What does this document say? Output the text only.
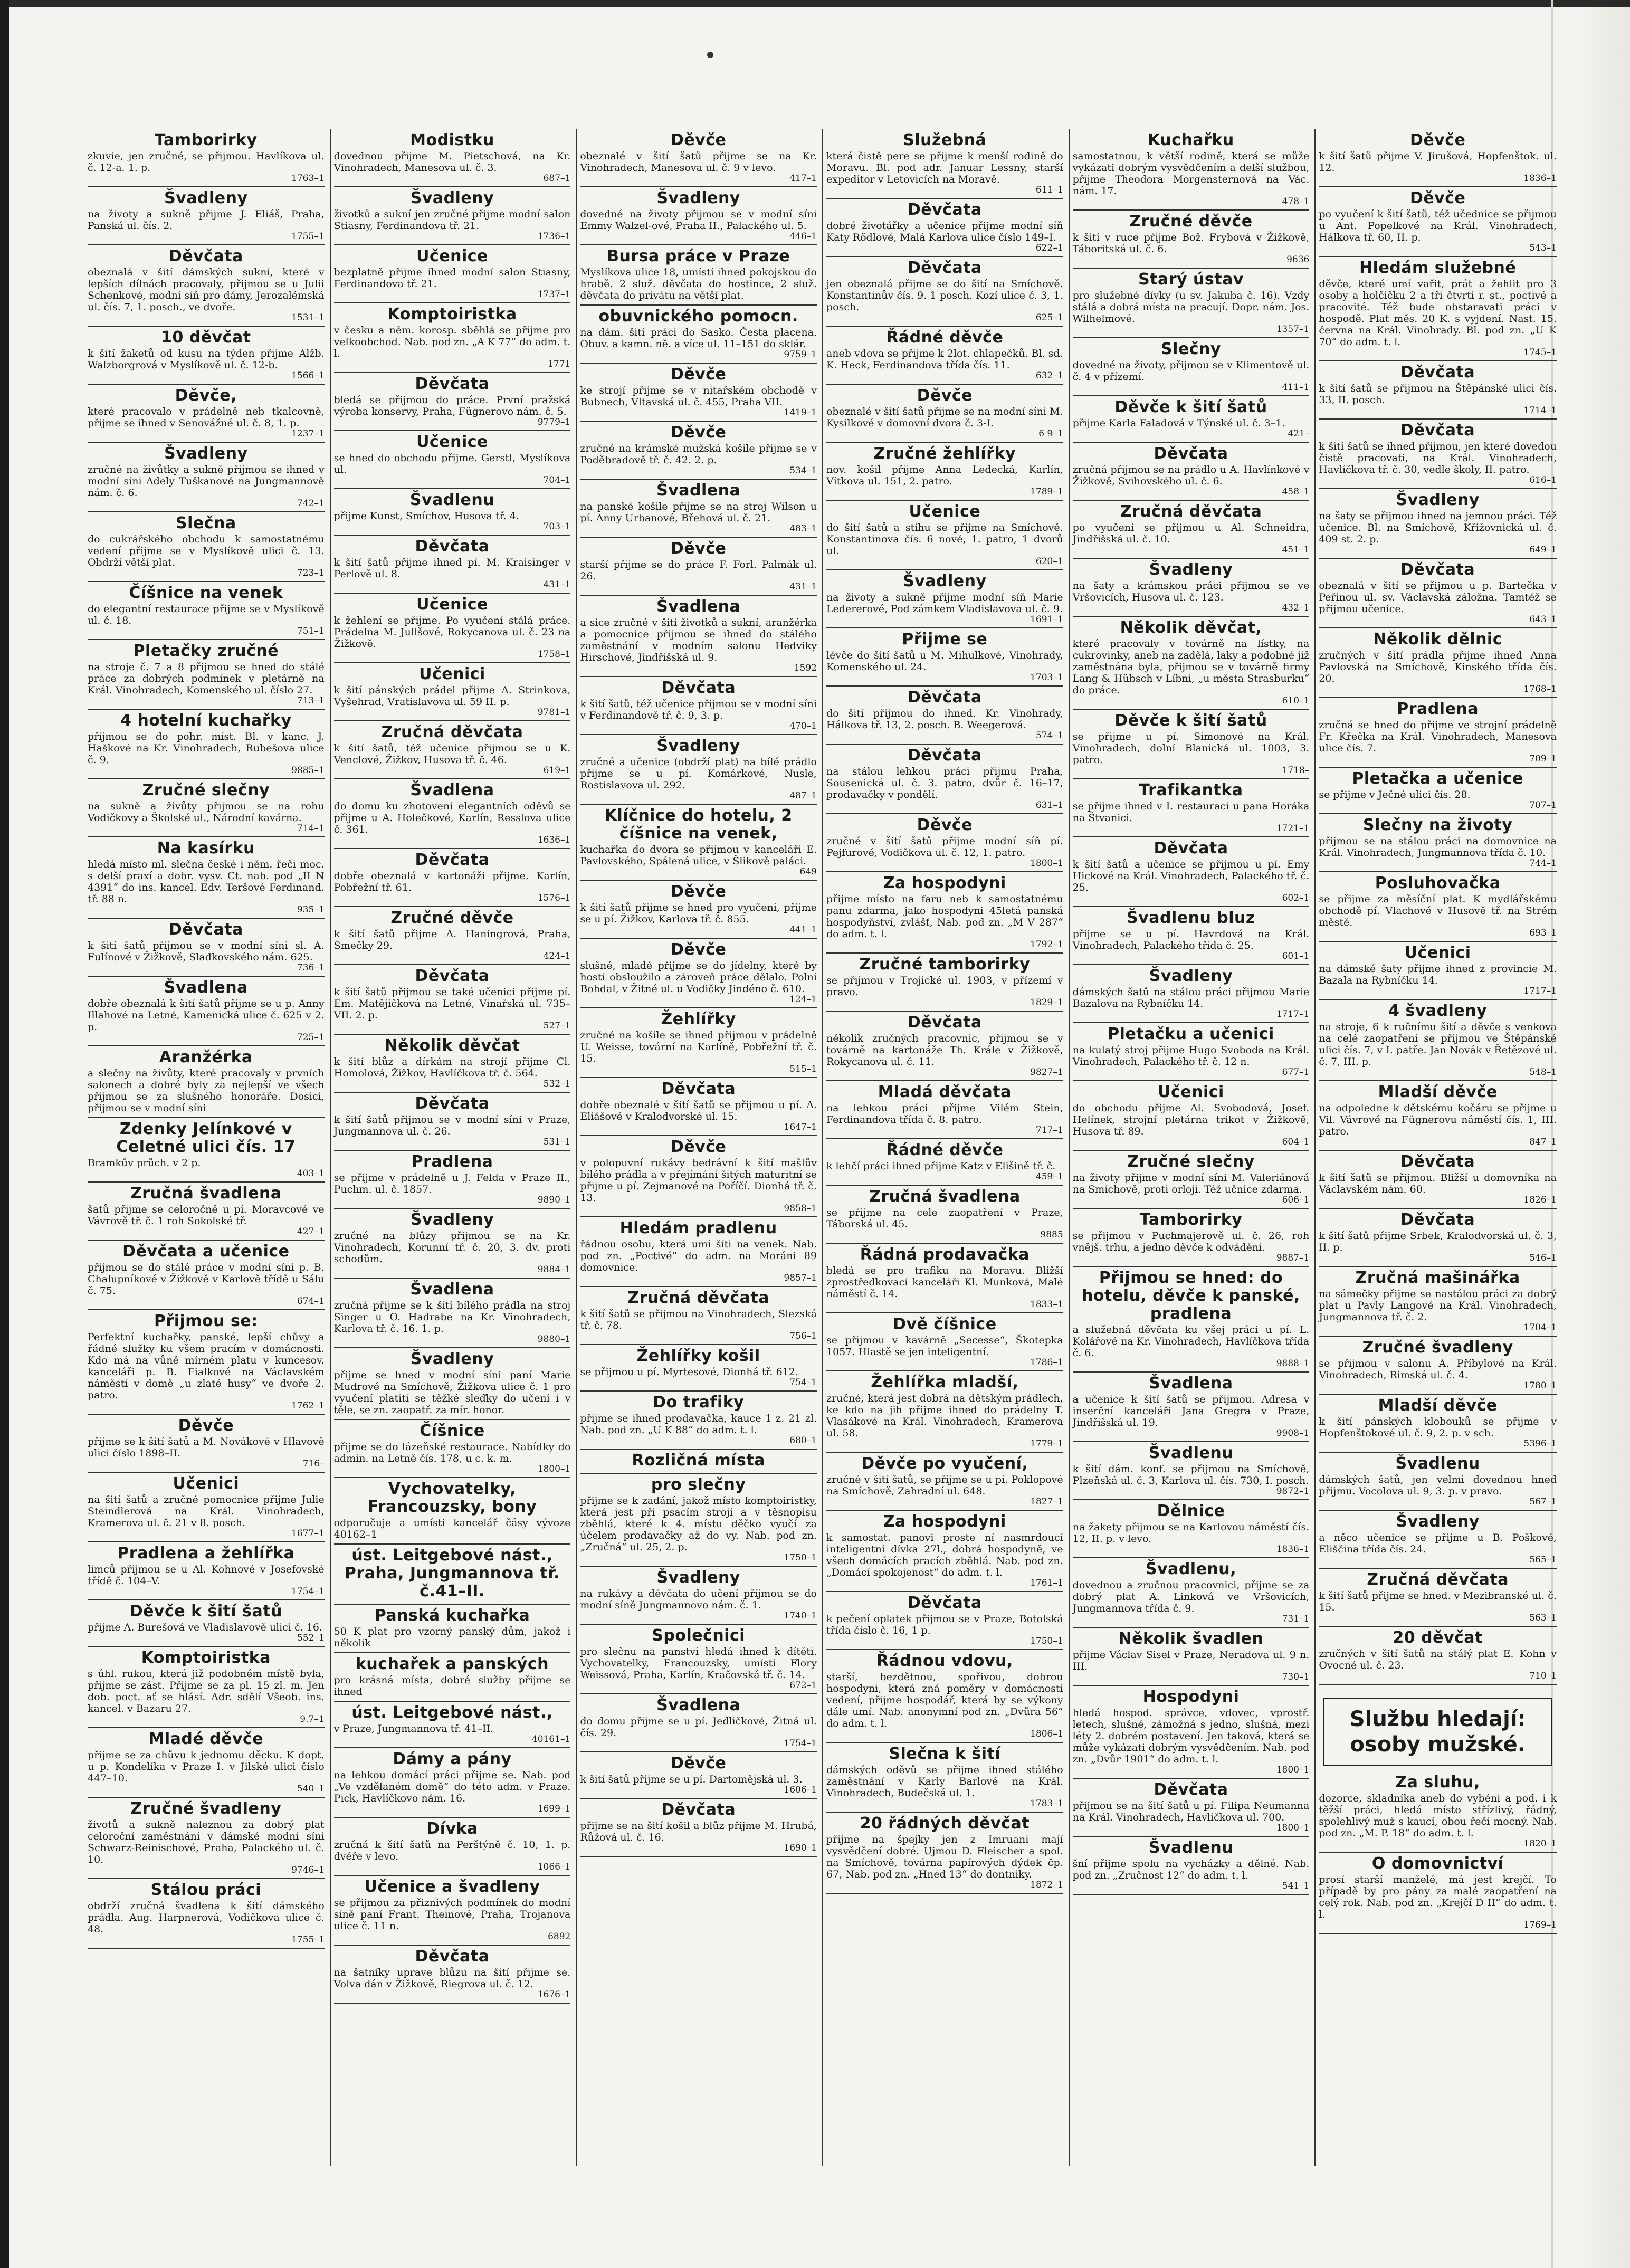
Tamborirky

zkuvie, jen zručné, se přijmou. Havlíkova ul. č. 12-a. 1. p.

1763–1

Švadleny

na životy a sukně přijme J. Eliáš, Praha, Panská ul. čís. 2.

1755–1

Děvčata

obeznalá v šití dámských sukní, které v lepších dílnách pracovaly, přijmou se u Julii Schenkové, modní síň pro dámy, Jerozalémská ul. čís. 7, 1. posch., ve dvoře.

1531–1

10 děvčat

k šití žaketů od kusu na týden přijme Alžb. Walzborgrová v Myslíkově ul. č. 12-b.

1566–1

Děvče,

které pracovalo v prádelně neb tkalcovně, přijme se ihned v Senovážné ul. č. 8, 1. p.

1237–1

Švadleny

zručné na živůtky a sukně přijmou se ihned v modní síni Adely Tuškanové na Jungmannově nám. č. 6.

742–1

Slečna

do cukrářského obchodu k samostatnému vedení přijme se v Myslíkově ulici č. 13. Obdrží větší plat.

723–1

Číšnice na venek

do elegantní restaurace přijme se v Myslíkově ul. č. 18.

751–1

Pletačky zručné

na stroje č. 7 a 8 přijmou se hned do stálé práce za dobrých podmínek v pletárně na Král. Vinohradech, Komenského ul. číslo 27.

713–1

4 hotelní kuchařky

přijmou se do pohr. míst. Bl. v kanc. J. Haškové na Kr. Vinohradech, Rubešova ulice č. 9.

9885–1

Zručné slečny

na sukně a živůty přijmou se na rohu Vodičkovy a Školské ul., Národní kavárna.

714–1

Na kasírku

hledá místo ml. slečna české i něm. řeči moc. s delší praxí a dobr. vysv. Ct. nab. pod „II N 4391“ do ins. kancel. Edv. Teršové Ferdinand. tř. 88 n.

935–1

Děvčata

k šití šatů přijmou se v modní síni sl. A. Fulínové v Žižkově, Sladkovského nám. 625.

736–1

Švadlena

dobře obeznalá k šití šatů přijme se u p. Anny Illahové na Letné, Kamenická ulice č. 625 v 2. p.

725–1

Aranžérka

a slečny na živůty, které pracovaly v prvních salonech a dobré byly za nejlepší ve všech přijmou se za slušného honoráře. Dosici, přijmou se v modní síni

Zdenky Jelínkové v Celetné ulici čís. 17

Bramkův průch. v 2 p.

403–1

Zručná švadlena

šatů přijme se celoročně u pí. Moravcové ve Vávrově tř. č. 1 roh Sokolské tř.

427–1

Děvčata a učenice

přijmou se do stálé práce v modní síni p. B. Chalupníkové v Žižkově v Karlově třídě u Sálu č. 75.

674–1

Přijmou se:

Perfektní kuchařky, panské, lepší chůvy a řádné služky ku všem pracím v domácnosti. Kdo má na vůně mírném platu v kuncesov. kanceláři p. B. Fialkové na Václavském náměstí v domě „u zlaté husy“ ve dvoře 2. patro.

1762–1

Děvče

přijme se k šití šatů a M. Novákové v Hlavově ulici číslo 1898–II.

716–

Učenici

na šití šatů a zručné pomocnice přijme Julie Steindlerová na Král. Vinohradech, Kramerova ul. č. 21 v 8. posch.

1677–1

Pradlena a žehlířka

limců přijmou se u Al. Kohnové v Josefovské třídě č. 104–V.

1754–1

Děvče k šití šatů

přijme A. Burešová ve Vladislavově ulici č. 16.

552–1

Komptoiristka

s úhl. rukou, která již podobném místě byla, přijme se zást. Přijme se za pl. 15 zl. m. Jen dob. poct. ať se hlásí. Adr. sdělí Všeob. ins. kancel. v Bazaru 27.

9.7–1

Mladé děvče

přijme se za chůvu k jednomu děcku. K dopt. u p. Kondelíka v Praze I. v Jilské ulici číslo 447–10.

540–1

Zručné švadleny

životů a sukně naleznou za dobrý plat celoroční zaměstnání v dámské modní síni Schwarz-Reinischové, Praha, Palackého ul. č. 10.

9746–1

Stálou práci

obdrží zručná švadlena k šití dámského prádla. Aug. Harpnerová, Vodičkova ulice č. 48.

1755–1

Modistku

dovednou přijme M. Pietschová, na Kr. Vinohradech, Manesova ul. č. 3.

687–1

Švadleny

životků a sukní jen zručné přijme modní salon Stiasny, Ferdinandova tř. 21.

1736–1

Učenice

bezplatně přijme ihned modní salon Stiasny, Ferdinandova tř. 21.

1737–1

Komptoiristka

v česku a něm. korosp. sběhlá se přijme pro velkoobchod. Nab. pod zn. „A K 77“ do adm. t. l.

1771

Děvčata

bledá se přijmou do práce. První pražská výroba konservy, Praha, Fügnerovo nám. č. 5.

9779–1

Učenice

se hned do obchodu přijme. Gerstl, Myslíkova ul.

704–1

Švadlenu

přijme Kunst, Smíchov, Husova tř. 4.

703–1

Děvčata

k šití šatů přijme ihned pí. M. Kraisinger v Perlově ul. 8.

431–1

Učenice

k žehlení se přijme. Po vyučení stálá práce. Prádelna M. Jullšové, Rokycanova ul. č. 23 na Žižkově.

1758–1

Učenici

k šití pánských prádel přijme A. Strinkova, Vyšehrad, Vratislavova ul. 59 II. p.

9781–1

Zručná děvčata

k šití šatů, též učenice přijmou se u K. Venclové, Žižkov, Husova tř. č. 46.

619–1

Švadlena

do domu ku zhotovení elegantních oděvů se přijme u A. Holečkové, Karlín, Resslova ulice č. 361.

1636–1

Děvčata

dobře obeznalá v kartonáži přijme. Karlín, Pobřežní tř. 61.

1576–1

Zručné děvče

k šití šatů přijme A. Haningrová, Praha, Smečky 29.

424–1

Děvčata

k šití šatů přijmou se také učenici přijme pí. Em. Matějíčková na Letné, Vinařská ul. 735–VII. 2. p.

527–1

Několik děvčat

k šití blůz a dírkám na strojí přijme Cl. Homolová, Žižkov, Havlíčkova tř. č. 564.

532–1

Děvčata

k šití šatů přijmou se v modní síni v Praze, Jungmannova ul. č. 26.

531–1

Pradlena

se přijme v prádelně u J. Felda v Praze II., Puchm. ul. č. 1857.

9890–1

Švadleny

zručné na blůzy přijmou se na Kr. Vinohradech, Korunní tř. č. 20, 3. dv. proti schodům.

9884–1

Švadlena

zručná přijme se k šití bílého prádla na stroj Singer u O. Hadrabe na Kr. Vinohradech, Karlova tř. č. 16. 1. p.

9880–1

Švadleny

přijme se hned v modní síni paní Marie Mudrové na Smíchově, Žižkova ulice č. 1 pro vyučení platiti se těžké sleďky do učení i v těle, se zn. zaopatř. za mír. honor.

Číšnice

přijme se do lázeňské restaurace. Nabídky do admin. na Letně čís. 178, u c. k. m.

1800–1

Vychovatelky, Francouzsky, bony

odporučuje a umísti kancelář čásy vývoze 40162–1

úst. Leitgebové nást., Praha, Jungmannova tř. č.41–II.
Panská kuchařka

50 K plat pro vzorný panský dům, jakož i několik

kuchařek a panských

pro krásná místa, dobré služby přijme se ihned

úst. Leitgebové nást.,

v Praze, Jungmannova tř. 41–II.

40161–1

Dámy a pány

na lehkou domácí práci přijme se. Nab. pod „Ve vzdělaném domě“ do této adm. v Praze. Pick, Havlíčkovo nám. 16.

1699–1

Dívka

zručná k šití šatů na Perštýně č. 10, 1. p. dvéře v levo.

1066–1

Učenice a švadleny

se přijmou za přiznivých podmínek do modní síně paní Frant. Theinové, Praha, Trojanova ulice č. 11 n.

6892

Děvčata

na šatníky uprave blůzu na šití přijme se. Volva dán v Žižkově, Riegrova ul. č. 12.

1676–1

Děvče

obeznalé v šití šatů přijme se na Kr. Vinohradech, Manesova ul. č. 9 v levo.

417–1

Švadleny

dovedné na životy přijmou se v modní síni Emmy Walzel-ové, Praha II., Palackého ul. 5.

446–1

Bursa práce v Praze

Myslíkova ulice 18, umístí ihned pokojskou do hrabě. 2 služ. děvčata do hostince, 2 služ. děvčata do privátu na větší plat.

obuvnického pomocn.

na dám. šití práci do Sasko. Česta placena. Obuv. a kamn. ně. a více ul. 11–151 do sklár.

9759–1

Děvče

ke strojí přijme se v nitařském obchodě v Bubnech, Vltavská ul. č. 455, Praha VII.

1419–1

Děvče

zručné na krámské mužská košile přijme se v Poděbradově tř. č. 42. 2. p.

534–1

Švadlena

na panské košile přijme se na stroj Wilson u pí. Anny Urbanové, Břehová ul. č. 21.

483–1

Děvče

starší přijme se do práce F. Forl. Palmák ul. 26.

431–1

Švadlena

a sice zručné v šití životků a sukní, aranžérka a pomocnice přijmou se ihned do stálého zaměstnání v modním salonu Hedviky Hirschové, Jindřišská ul. 9.

1592

Děvčata

k šití šatů, též učenice přijmou se v modní síni v Ferdinandově tř. č. 9, 3. p.

470–1

Švadleny

zručné a učenice (obdrží plat) na bílé prádlo přijme se u pí. Komárkové, Nusle, Rostislavova ul. 292.

487–1

Klíčnice do hotelu, 2 číšnice na venek,

kuchařka do dvora se přijmou v kanceláři E. Pavlovského, Spálená ulice, v Šlikově paláci.

649

Děvče

k šití šatů přijme se hned pro vyučení, přijme se u pí. Žižkov, Karlova tř. č. 855.

441–1

Děvče

slušné, mladé přijme se do jídelny, které by hostí obsloužilo a zároveň práce dělalo. Polní Bohdal, v Žitné ul. u Vodičky Jindéno č. 610.

124–1

Žehlířky

zručné na košile se ihned přijmou v prádelně U. Weisse, tovární na Karlíně, Pobřežní tř. č. 15.

515–1

Děvčata

dobře obeznalé v šití šatů se přijmou u pí. A. Eliášové v Kralodvorské ul. 15.

1647–1

Děvče

v polopuvní rukávy bedrávní k šití mašlův bílého prádla a v přejímání šitých maturitní se přijme u pí. Zejmanové na Poříčí. Dionhá tř. č. 13.

9858–1

Hledám pradlenu

řádnou osobu, která umí šíti na venek. Nab. pod zn. „Poctivé“ do adm. na Moráni 89 domovnice.

9857–1

Zručná děvčata

k šití šatů se přijmou na Vinohradech, Slezská tř. č. 78.

756–1

Žehlířky košil

se přijmou u pí. Myrtesové, Dionhá tř. 612.

754–1

Do trafiky

přijme se ihned prodavačka, kauce 1 z. 21 zl. Nab. pod zn. „U K 88“ do adm. t. l.

680–1

Rozličná místa
pro slečny

přijme se k zadání, jakož místo komptoiristky, která jest při psacím strojí a v těsnopisu zběhlá, které k 4. místu děčko vyučí za účelem prodavačky až do vy. Nab. pod zn. „Zručná“ ul. 25, 2. p.

1750–1

Švadleny

na rukávy a děvčata do učení přijmou se do modní síně Jungmannovo nám. č. 1.

1740–1

Společnici

pro slečnu na panství hledá ihned k dítěti. Vychovatelky, Francouzsky, umístí Flory Weissová, Praha, Karlín, Kračovská tř. č. 14.

672–1

Švadlena

do domu přijme se u pí. Jedličkové, Žitná ul. čís. 29.

1754–1

Děvče

k šití šatů přijme se u pí. Dartomějská ul. 3.

1606–1

Děvčata

přijme se na šití košil a blůz přijme M. Hrubá, Růžová ul. č. 16.

1690–1

Služebná

která čistě pere se přijme k menší rodině do Moravu. Bl. pod adr. Januar Lessny, starší expeditor v Letovicích na Moravě.

611–1

Děvčata

dobré životářky a učenice přijme modní síň Katy Rödlové, Malá Karlova ulice číslo 149–I.

622–1

Děvčata

jen obeznalá přijme se do šití na Smíchově. Konstantinův čís. 9. 1 posch. Kozí ulice č. 3, 1. posch.

625–1

Řádné děvče

aneb vdova se přijme k 2lot. chlapečků. Bl. sd. K. Heck, Ferdinandova třída čís. 11.

632–1

Děvče

obeznalé v šití šatů přijme se na modní síni M. Kysilkové v domovní dvora č. 3-I.

6 9–1

Zručné žehlířky

nov. košil přijme Anna Ledecká, Karlín, Vítkova ul. 151, 2. patro.

1789–1

Učenice

do šití šatů a stihu se přijme na Smíchově. Konstantinova čís. 6 nové, 1. patro, 1 dvorů ul.

620–1

Švadleny

na životy a sukně přijme modní síň Marie Ledererové, Pod zámkem Vladislavova ul. č. 9.

1691–1

Přijme se

lévče do šití šatů u M. Mihulkové, Vinohrady, Komenského ul. 24.

1703–1

Děvčata

do šití přijmou do ihned. Kr. Vinohrady, Hálkova tř. 13, 2. posch. B. Weegerová.

574–1

Děvčata

na stálou lehkou práci přijmu Praha, Sousenická ul. č. 3. patro, dvůr č. 16–17, prodavačky v pondělí.

631–1

Děvče

zručné v šití šatů přijme modní síň pí. Pejfurové, Vodičkova ul. č. 12, 1. patro.

1800–1

Za hospodyni

přijme místo na faru neb k samostatnému panu zdarma, jako hospodyni 45letá panská hospodyňství, zvlášť, Nab. pod zn. „M V 287“ do adm. t. l.

1792–1

Zručné tamborirky

se přijmou v Trojické ul. 1903, v přízemí v pravo.

1829–1

Děvčata

několik zručných pracovnic, přijmou se v továrně na kartonáže Th. Krále v Žižkově, Rokycanova ul. č. 11.

9827–1

Mladá děvčata

na lehkou práci přijme Vilém Stein, Ferdinandova třída č. 8. patro.

717–1

Řádné děvče

k lehčí práci ihned přijme Katz v Elišině tř. č.

459–1

Zručná švadlena

se přijme na cele zaopatření v Praze, Táborská ul. 45.

9885

Řádná prodavačka

bledá se pro trafiku na Moravu. Bližší zprostředkovací kanceláři Kl. Munková, Malé náměstí č. 14.

1833–1

Dvě číšnice

se přijmou v kavárně „Secesse“, Škotepka 1057. Hlastě se jen inteligentní.

1786–1

Žehlířka mladší,

zručné, která jest dobrá na dětským prádlech, ke kdo na jih přijme ihned do prádelny T. Vlasákové na Král. Vinohradech, Kramerova ul. 58.

1779–1

Děvče po vyučení,

zručné v šití šatů, se přijme se u pí. Poklopové na Smíchově, Zahradní ul. 648.

1827–1

Za hospodyni

k samostat. panovi proste ní nasmrdoucí inteligentní dívka 27l., dobrá hospodyně, ve všech domácích pracích zběhlá. Nab. pod zn. „Domácí spokojenost“ do adm. t. l.

1761–1

Děvčata

k pečení oplatek přijmou se v Praze, Botolská třída číslo č. 16, 1 p.

1750–1

Řádnou vdovu,

starší, bezdětnou, spořivou, dobrou hospodyni, která zná poměry v domácnosti vedení, přijme hospodář, která by se výkony dále umí. Nab. anonymní pod zn. „Dvůra 56“ do adm. t. l.

1806–1

Slečna k šití

dámských oděvů se přijme ihned stálého zaměstnání v Karly Barlové na Král. Vinohradech, Budečská ul. 1.

1783–1

20 řádných děvčat

přijme na špejky jen z Imruani mají vysvědčení dobré. Ujmou D. Fleischer a spol. na Smíchově, továrna papírových dýdek čp. 67, Nab. pod zn. „Hned 13“ do dontniky.

1872–1

Kuchařku

samostatnou, k větší rodině, která se může vykázati dobrým vysvědčením a delší službou, přijme Theodora Morgensternová na Vác. nám. 17.

478–1

Zručné děvče

k šití v ruce přijme Bož. Frybová v Žižkově, Táboritská ul. č. 6.

9636

Starý ústav

pro služebné dívky (u sv. Jakuba č. 16). Vzdy stálá a dobrá místa na pracují. Dopr. nám. Jos. Wilhelmové.

1357–1

Slečny

dovedné na životy, přijmou se v Klimentově ul. č. 4 v přízemí.

411–1

Děvče k šití šatů

přijme Karla Faladová v Týnské ul. č. 3–1.

421–

Děvčata

zručná přijmou se na prádlo u A. Havlínkové v Žižkově, Svihovského ul. č. 6.

458–1

Zručná děvčata

po vyučení se přijmou u Al. Schneidra, Jindřišská ul. č. 10.

451–1

Švadleny

na šaty a krámskou práci přijmou se ve Vršovicích, Husova ul. č. 123.

432–1

Několik děvčat,

které pracovaly v továrně na lístky, na cukrovinky, aneb na zadělá, laky a podobné již zaměstnána byla, přijmou se v továrně firmy Lang & Hübsch v Líbni, „u města Strasburku“ do práce.

610–1

Děvče k šití šatů

se přijme u pí. Simonové na Král. Vinohradech, dolní Blanická ul. 1003, 3. patro.

1718–

Trafikantka

se přijme ihned v I. restauraci u pana Horáka na Štvanici.

1721–1

Děvčata

k šití šatů a učenice se přijmou u pí. Emy Hickové na Král. Vinohradech, Palackého tř. č. 25.

602–1

Švadlenu bluz

přijme se u pí. Havrdová na Král. Vinohradech, Palackého třída č. 25.

601–1

Švadleny

dámských šatů na stálou práci přijmou Marie Bazalova na Rybníčku 14.

1717–1

Pletačku a učenici

na kulatý stroj přijme Hugo Svoboda na Král. Vinohradech, Palackého tř. č. 12 n.

677–1

Učenici

do obchodu přijme Al. Svobodová, Josef. Helínek, strojní pletárna trikot v Žižkově, Husova tř. 89.

604–1

Zručné slečny

na životy přijme v modní síni M. Valeriánová na Smíchově, proti orloji. Též učnice zdarma.

606–1

Tamborirky

se přijmou v Puchmajerově ul. č. 26, roh vnějš. trhu, a jedno děvče k odvádění.

9887–1

Přijmou se hned: do hotelu, děvče k panské, pradlena

a služebná děvčata ku všej práci u pí. L. Kolářové na Kr. Vinohradech, Havlíčkova třída č. 6.

9888–1

Švadlena

a učenice k šití šatů se přijmou. Adresa v inserční kanceláři Jana Gregra v Praze, Jindřišská ul. 19.

9908–1

Švadlenu

k šití dám. konf. se přijmou na Smíchově, Plzeňská ul. č. 3, Karlova ul. čís. 730, I. posch.

9872–1

Dělnice

na žakety přijmou se na Karlovou náměstí čís. 12, II. p. v levo.

1836–1

Švadlenu,

dovednou a zručnou pracovnici, přijme se za dobrý plat A. Linková ve Vršovicích, Jungmannova třída č. 9.

731–1

Několik švadlen

přijme Václav Sisel v Praze, Neradova ul. 9 n. III.

730–1

Hospodyni

hledá hospod. správce, vdovec, vprostř. letech, slušné, zámožná s jedno, slušná, mezi léty 2. dobrém postavení. Jen taková, která se může vykázati dobrým vysvědčením. Nab. pod zn. „Dvůr 1901“ do adm. t. l.

1800–1

Děvčata

přijmou se na šití šatů u pí. Filipa Neumanna na Král. Vinohradech, Havlíčkova ul. 700.

1800–1

Švadlenu

šní přijme spolu na vycházky a dělné. Nab. pod zn. „Zručnost 12“ do adm. t. l.

541–1

Děvče

k šití šatů přijme V. Jirušová, Hopfenštok. ul. 12.

1836–1

Děvče

po vyučení k šití šatů, též učednice se přijmou u Ant. Popelkové na Král. Vinohradech, Hálkova tř. 60, II. p.

543–1

Hledám služebné

děvče, které umí vařit, prát a žehlit pro 3 osoby a holčičku 2 a tři čtvrti r. st., poctivé a pracovité. Též bude obstaravati práci v hospodě. Plat měs. 20 K. s vyjdení. Nast. 15. června na Král. Vinohrady. Bl. pod zn. „U K 70“ do adm. t. l.

1745–1

Děvčata

k šití šatů se přijmou na Štěpánské ulici čís. 33, II. posch.

1714–1

Děvčata

k šití šatů se ihned přijmou, jen které dovedou čistě pracovati, na Král. Vinohradech, Havlíčkova tř. č. 30, vedle školy, II. patro.

616–1

Švadleny

na šaty se přijmou ihned na jemnou práci. Též učenice. Bl. na Smíchově, Křižovnická ul. č. 409 st. 2. p.

649–1

Děvčata

obeznalá v šití se přijmou u p. Bartečka v Peřinou ul. sv. Václavská záložna. Tamtéž se přijmou učenice.

643–1

Několik dělnic

zručných v šití prádla přijme ihned Anna Pavlovská na Smíchově, Kinského třída čís. 20.

1768–1

Pradlena

zručná se hned do přijme ve strojní prádelně Fr. Křečka na Král. Vinohradech, Manesova ulice čís. 7.

709–1

Pletačka a učenice

se přijme v Ječné ulici čís. 28.

707–1

Slečny na životy

přijmou se na stálou práci na domovnice na Král. Vinohradech, Jungmannova třída č. 10.

744–1

Posluhovačka

se přijme za měsíční plat. K mydlářskému obchodě pí. Vlachové v Husově tř. na Strém městě.

693–1

Učenici

na dámské šaty přijme ihned z provincie M. Bazala na Rybníčku 14.

1717–1

4 švadleny

na stroje, 6 k ručnímu šití a děvče s venkova na celé zaopatření se přijmou ve Štěpánské ulici čís. 7, v I. patře. Jan Novák v Řetězové ul. č. 7, III. p.

548–1

Mladší děvče

na odpoledne k dětskému kočáru se přijme u Vil. Vávrové na Fügnerovu náměstí čís. 1, III. patro.

847–1

Děvčata

k šití šatů se přijmou. Bližší u domovníka na Václavském nám. 60.

1826–1

Děvčata

k šití šatů přijme Srbek, Kralodvorská ul. č. 3, II. p.

546–1

Zručná mašinářka

na sámečky přijme se nastálou práci za dobrý plat u Pavly Langové na Král. Vinohradech, Jungmannova tř. č. 2.

1704–1

Zručné švadleny

se přijmou v salonu A. Příbylové na Král. Vinohradech, Rimská ul. č. 4.

1780–1

Mladší děvče

k šití pánských klobouků se přijme v Hopfenštokové ul. č. 9, 2. p. v sch.

5396–1

Švadlenu

dámských šatů, jen velmi dovednou hned přijmu. Vocolova ul. 9, 3. p. v pravo.

567–1

Švadleny

a něco učenice se přijme u B. Poškové, Eliščina třída čís. 24.

565–1

Zručná děvčata

k šití šatů přijme se hned. v Mezibranské ul. č. 15.

563–1

20 děvčat

zručných v šití šatů na stálý plat E. Kohn v Ovocné ul. č. 23.

710–1

Službu hledají: osoby mužské.
Za sluhu,

dozorce, skladníka aneb do vybéni a pod. i k těžší práci, hledá místo střízlivý, řádný, spolehlivý muž s kaucí, obou řečí mocný. Nab. pod zn. „M. P. 18“ do adm. t. l.

1820–1

O domovnictví

prosí starší manželé, má jest krejčí. To případě by pro pány za malé zaopatření na celý rok. Nab. pod zn. „Krejčí D II“ do adm. t. l.

1769–1
